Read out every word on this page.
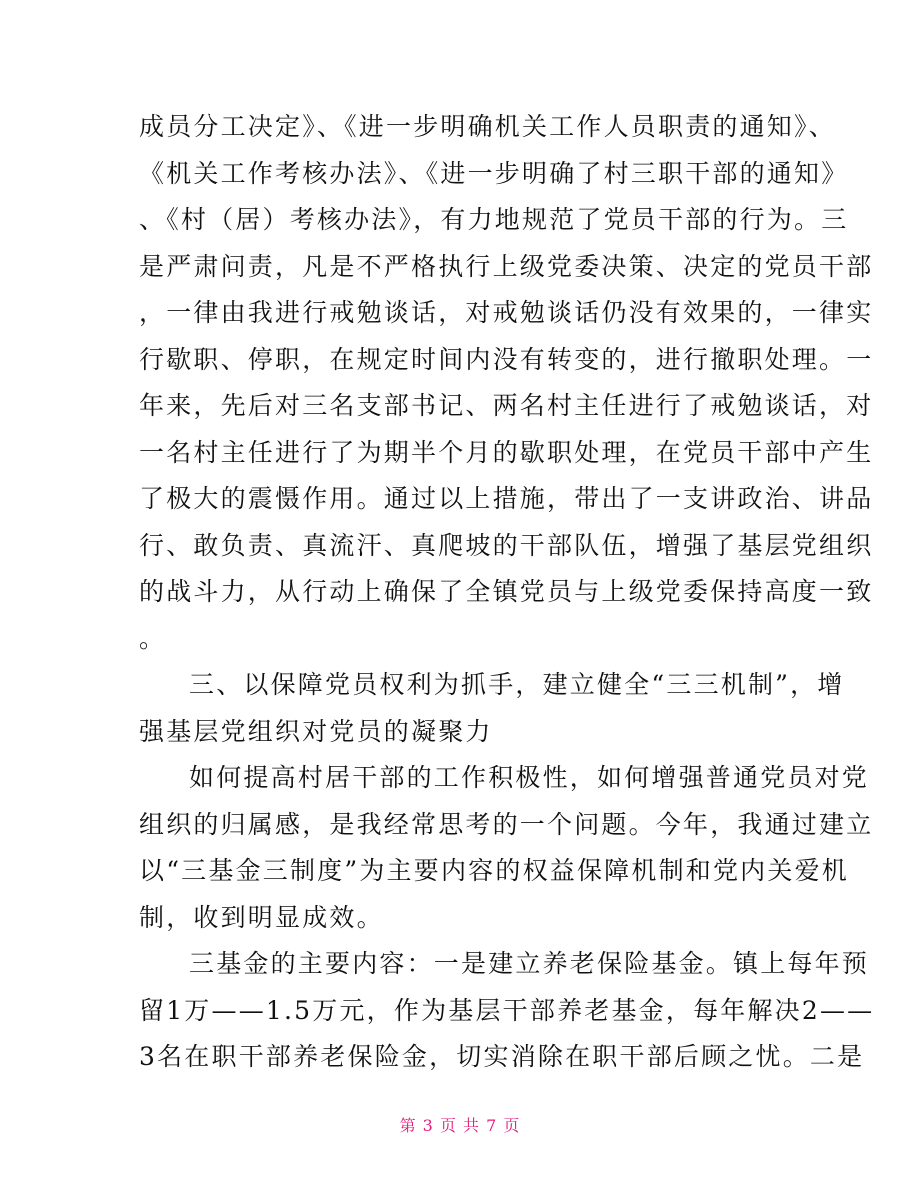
成员分工决定》、《进一步明确机关工作人员职责的通知》、
《机关工作考核办法》、《进一步明确了村三职干部的通知》
、《村（居）考核办法》，有力地规范了党员干部的行为。三
是严肃问责，凡是不严格执行上级党委决策、决定的党员干部
，一律由我进行戒勉谈话，对戒勉谈话仍没有效果的，一律实
行歇职、停职，在规定时间内没有转变的，进行撤职处理。一
年来，先后对三名支部书记、两名村主任进行了戒勉谈话，对
一名村主任进行了为期半个月的歇职处理，在党员干部中产生
了极大的震慑作用。通过以上措施，带出了一支讲政治、讲品
行、敢负责、真流汗、真爬坡的干部队伍，增强了基层党组织
的战斗力，从行动上确保了全镇党员与上级党委保持高度一致
。
三、以保障党员权利为抓手，建立健全“三三机制”，增
强基层党组织对党员的凝聚力
如何提高村居干部的工作积极性，如何增强普通党员对党
组织的归属感，是我经常思考的一个问题。今年，我通过建立
以“三基金三制度”为主要内容的权益保障机制和党内关爱机
制，收到明显成效。
三基金的主要内容：一是建立养老保险基金。镇上每年预
留1万——1.5万元，作为基层干部养老基金，每年解决2——
3名在职干部养老保险金，切实消除在职干部后顾之忧。二是
第 3 页 共 7 页
